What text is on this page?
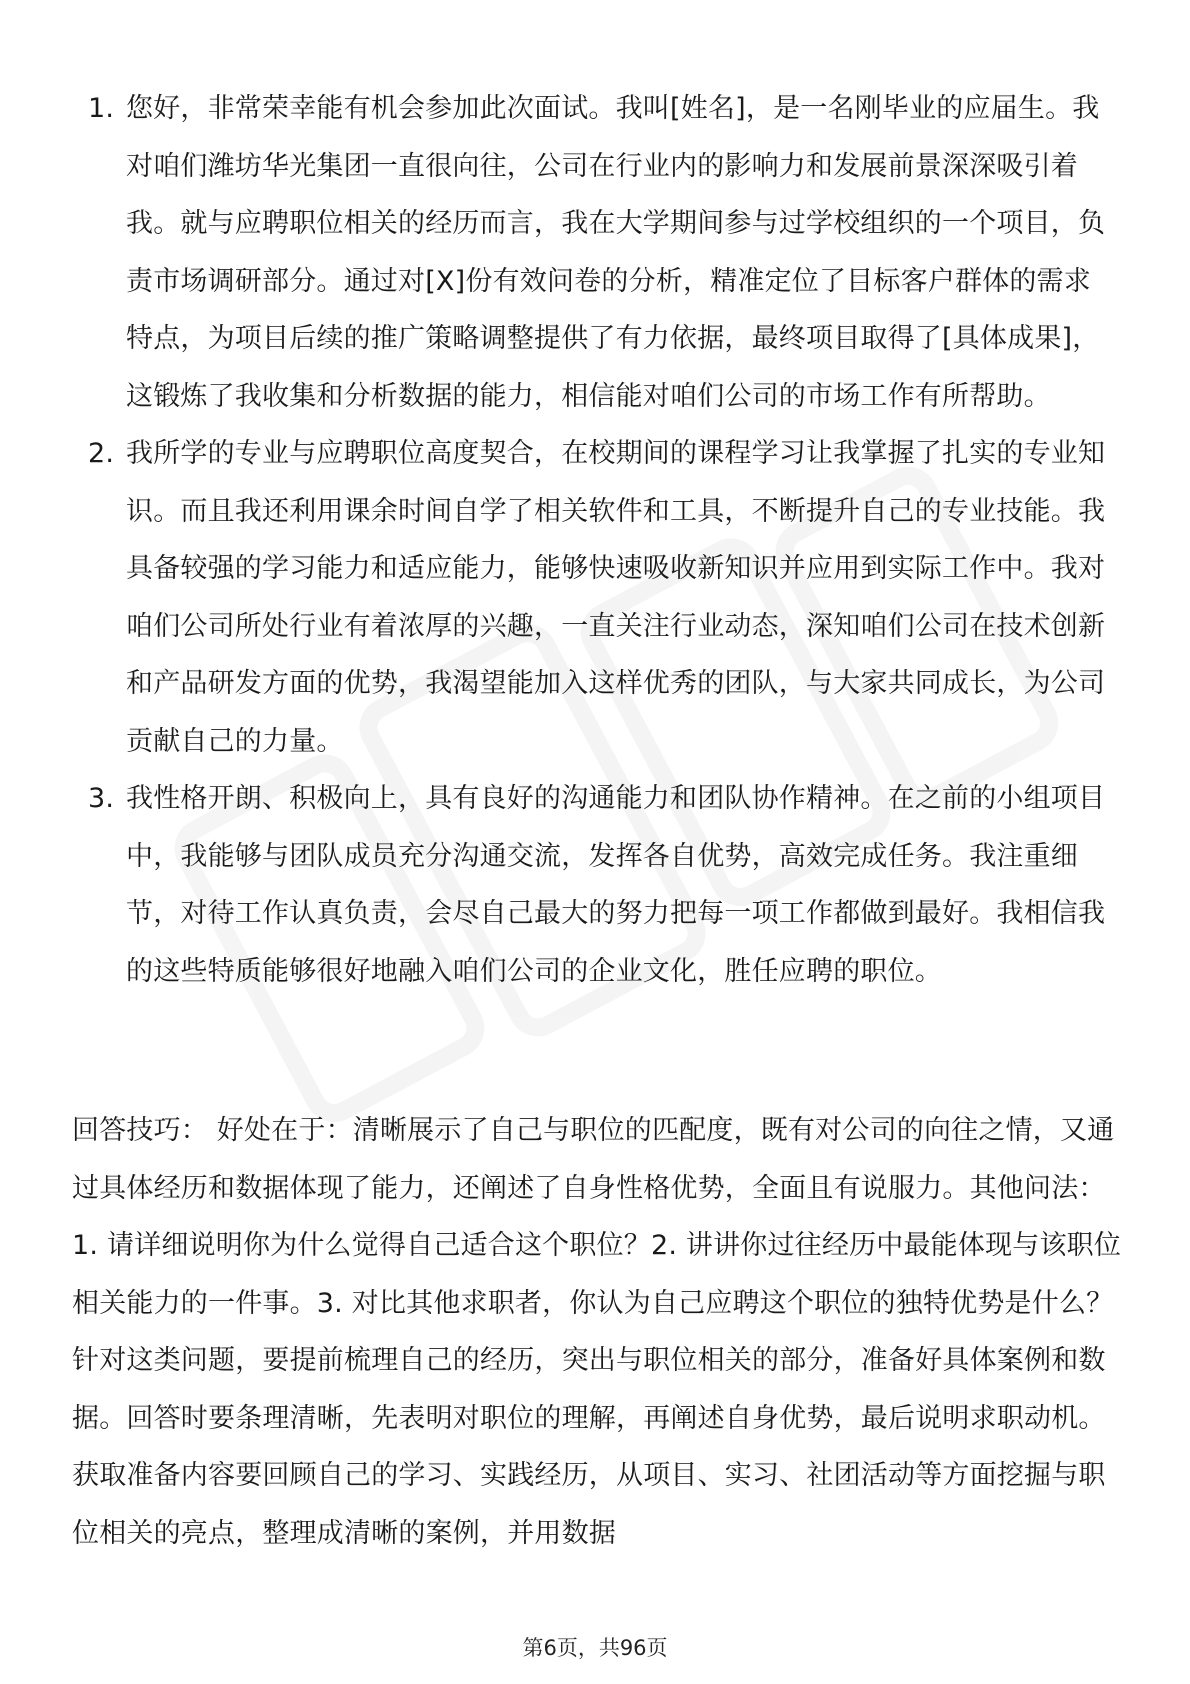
1. 您好，非常荣幸能有机会参加此次面试。我叫[姓名]，是一名刚毕业的应届生。我对咱们潍坊华光集团一直很向往，公司在行业内的影响力和发展前景深深吸引着我。就与应聘职位相关的经历而言，我在大学期间参与过学校组织的一个项目，负责市场调研部分。通过对[X]份有效问卷的分析，精准定位了目标客户群体的需求特点，为项目后续的推广策略调整提供了有力依据，最终项目取得了[具体成果]，这锻炼了我收集和分析数据的能力，相信能对咱们公司的市场工作有所帮助。
2. 我所学的专业与应聘职位高度契合，在校期间的课程学习让我掌握了扎实的专业知识。而且我还利用课余时间自学了相关软件和工具，不断提升自己的专业技能。我具备较强的学习能力和适应能力，能够快速吸收新知识并应用到实际工作中。我对咱们公司所处行业有着浓厚的兴趣，一直关注行业动态，深知咱们公司在技术创新和产品研发方面的优势，我渴望能加入这样优秀的团队，与大家共同成长，为公司贡献自己的力量。
3. 我性格开朗、积极向上，具有良好的沟通能力和团队协作精神。在之前的小组项目中，我能够与团队成员充分沟通交流，发挥各自优势，高效完成任务。我注重细节，对待工作认真负责，会尽自己最大的努力把每一项工作都做到最好。我相信我的这些特质能够很好地融入咱们公司的企业文化，胜任应聘的职位。

回答技巧： 好处在于：清晰展示了自己与职位的匹配度，既有对公司的向往之情，又通过具体经历和数据体现了能力，还阐述了自身性格优势，全面且有说服力。其他问法：1. 请详细说明你为什么觉得自己适合这个职位？2. 讲讲你过往经历中最能体现与该职位相关能力的一件事。3. 对比其他求职者，你认为自己应聘这个职位的独特优势是什么？针对这类问题，要提前梳理自己的经历，突出与职位相关的部分，准备好具体案例和数据。回答时要条理清晰，先表明对职位的理解，再阐述自身优势，最后说明求职动机。获取准备内容要回顾自己的学习、实践经历，从项目、实习、社团活动等方面挖掘与职位相关的亮点，整理成清晰的案例，并用数据

第6页，共96页
